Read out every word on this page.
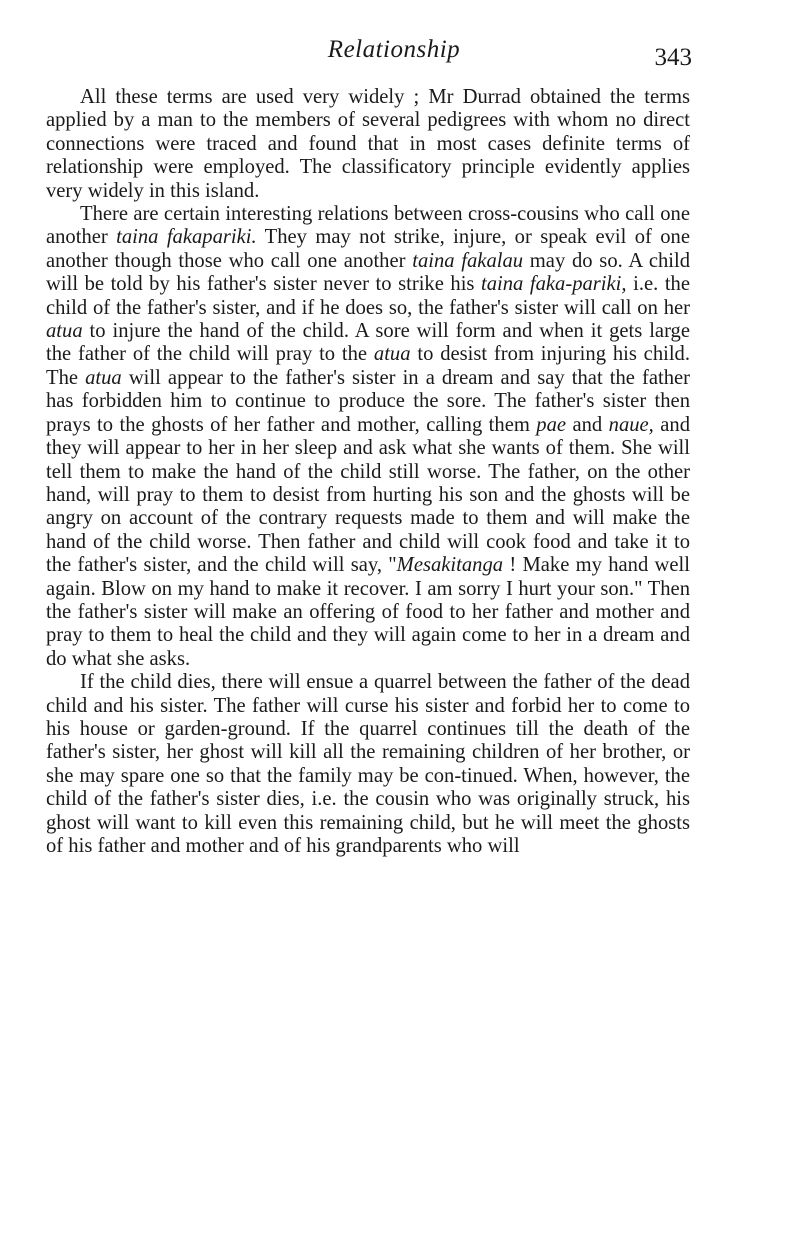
Relationship	343

All these terms are used very widely ; Mr Durrad obtained the terms applied by a man to the members of several pedigrees with whom no direct connections were traced and found that in most cases definite terms of relationship were employed. The classificatory principle evidently applies very widely in this island.

There are certain interesting relations between cross-cousins who call one another taina fakapariki. They may not strike, injure, or speak evil of one another though those who call one another taina fakalau may do so. A child will be told by his father's sister never to strike his taina faka-pariki, i.e. the child of the father's sister, and if he does so, the father's sister will call on her atua to injure the hand of the child. A sore will form and when it gets large the father of the child will pray to the atua to desist from injuring his child. The atua will appear to the father's sister in a dream and say that the father has forbidden him to continue to produce the sore. The father's sister then prays to the ghosts of her father and mother, calling them pae and naue, and they will appear to her in her sleep and ask what she wants of them. She will tell them to make the hand of the child still worse. The father, on the other hand, will pray to them to desist from hurting his son and the ghosts will be angry on account of the contrary requests made to them and will make the hand of the child worse. Then father and child will cook food and take it to the father's sister, and the child will say, "Mesakitanga ! Make my hand well again. Blow on my hand to make it recover. I am sorry I hurt your son." Then the father's sister will make an offering of food to her father and mother and pray to them to heal the child and they will again come to her in a dream and do what she asks.

If the child dies, there will ensue a quarrel between the father of the dead child and his sister. The father will curse his sister and forbid her to come to his house or garden-ground. If the quarrel continues till the death of the father's sister, her ghost will kill all the remaining children of her brother, or she may spare one so that the family may be con-tinued. When, however, the child of the father's sister dies, i.e. the cousin who was originally struck, his ghost will want to kill even this remaining child, but he will meet the ghosts of his father and mother and of his grandparents who will
